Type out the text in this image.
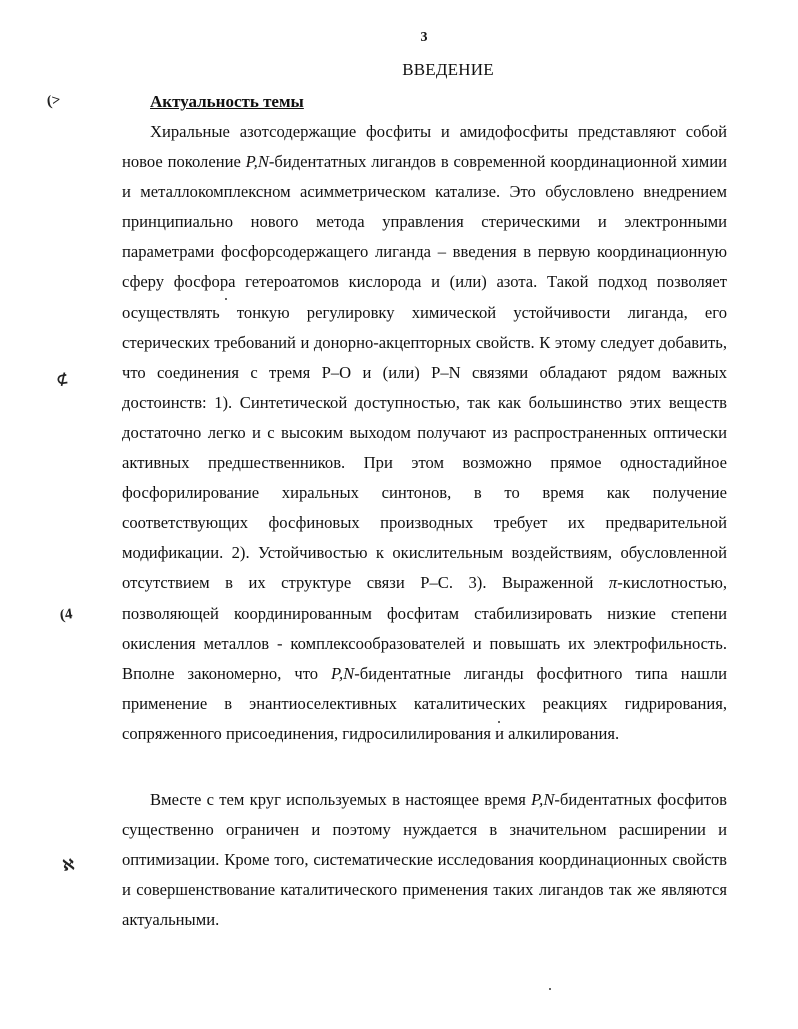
3
ВВЕДЕНИЕ
Актуальность темы
(>
⊄
(4
ℵ

Хиральные азотсодержащие фосфиты и амидофосфиты представляют собой новое поколение P,N-бидентатных лигандов в современной координационной химии и металлокомплексном асимметрическом катализе. Это обусловлено внедрением принципиально нового метода управления стерическими и электронными параметрами фосфорсодержащего лиганда – введения в первую координационную сферу фосфора гетероатомов кислорода и (или) азота. Такой подход позволяет осуществлять тонкую регулировку химической устойчивости лиганда, его стерических требований и донорно-акцепторных свойств. К этому следует добавить, что соединения с тремя P–O и (или) P–N связями обладают рядом важных достоинств: 1). Синтетической доступностью, так как большинство этих веществ достаточно легко и с высоким выходом получают из распространенных оптически активных предшественников. При этом возможно прямое одностадийное фосфорилирование хиральных синтонов, в то время как получение соответствующих фосфиновых производных требует их предварительной модификации. 2). Устойчивостью к окислительным воздействиям, обусловленной отсутствием в их структуре связи P–C. 3). Выраженной π-кислотностью, позволяющей координированным фосфитам стабилизировать низкие степени окисления металлов - комплексообразователей и повышать их электрофильность. Вполне закономерно, что P,N-бидентатные лиганды фосфитного типа нашли применение в энантиоселективных каталитических реакциях гидрирования, сопряженного присоединения, гидросилилирования и алкилирования.

Вместе с тем круг используемых в настоящее время P,N-бидентатных фосфитов существенно ограничен и поэтому нуждается в значительном расширении и оптимизации. Кроме того, систематические исследования координационных свойств и совершенствование каталитического применения таких лигандов так же являются актуальными.
